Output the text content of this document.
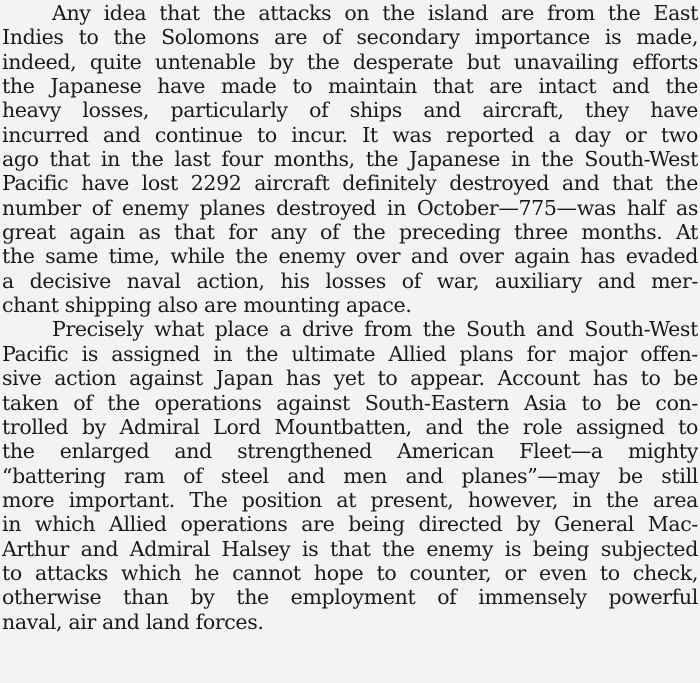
Any idea that the attacks on the island are from the East
Indies to the Solomons are of secondary importance is made,
indeed, quite untenable by the desperate but unavailing efforts
the Japanese have made to maintain that are intact and the
heavy losses, particularly of ships and aircraft, they have
incurred and continue to incur. It was reported a day or two
ago that in the last four months, the Japanese in the South-West
Pacific have lost 2292 aircraft definitely destroyed and that the
number of enemy planes destroyed in October—775—was half as
great again as that for any of the preceding three months. At
the same time, while the enemy over and over again has evaded
a decisive naval action, his losses of war, auxiliary and mer-
chant shipping also are mounting apace.
Precisely what place a drive from the South and South-West
Pacific is assigned in the ultimate Allied plans for major offen-
sive action against Japan has yet to appear. Account has to be
taken of the operations against South-Eastern Asia to be con-
trolled by Admiral Lord Mountbatten, and the role assigned to
the enlarged and strengthened American Fleet—a mighty
“battering ram of steel and men and planes”—may be still
more important. The position at present, however, in the area
in which Allied operations are being directed by General Mac-
Arthur and Admiral Halsey is that the enemy is being subjected
to attacks which he cannot hope to counter, or even to check,
otherwise than by the employment of immensely powerful
naval, air and land forces.
